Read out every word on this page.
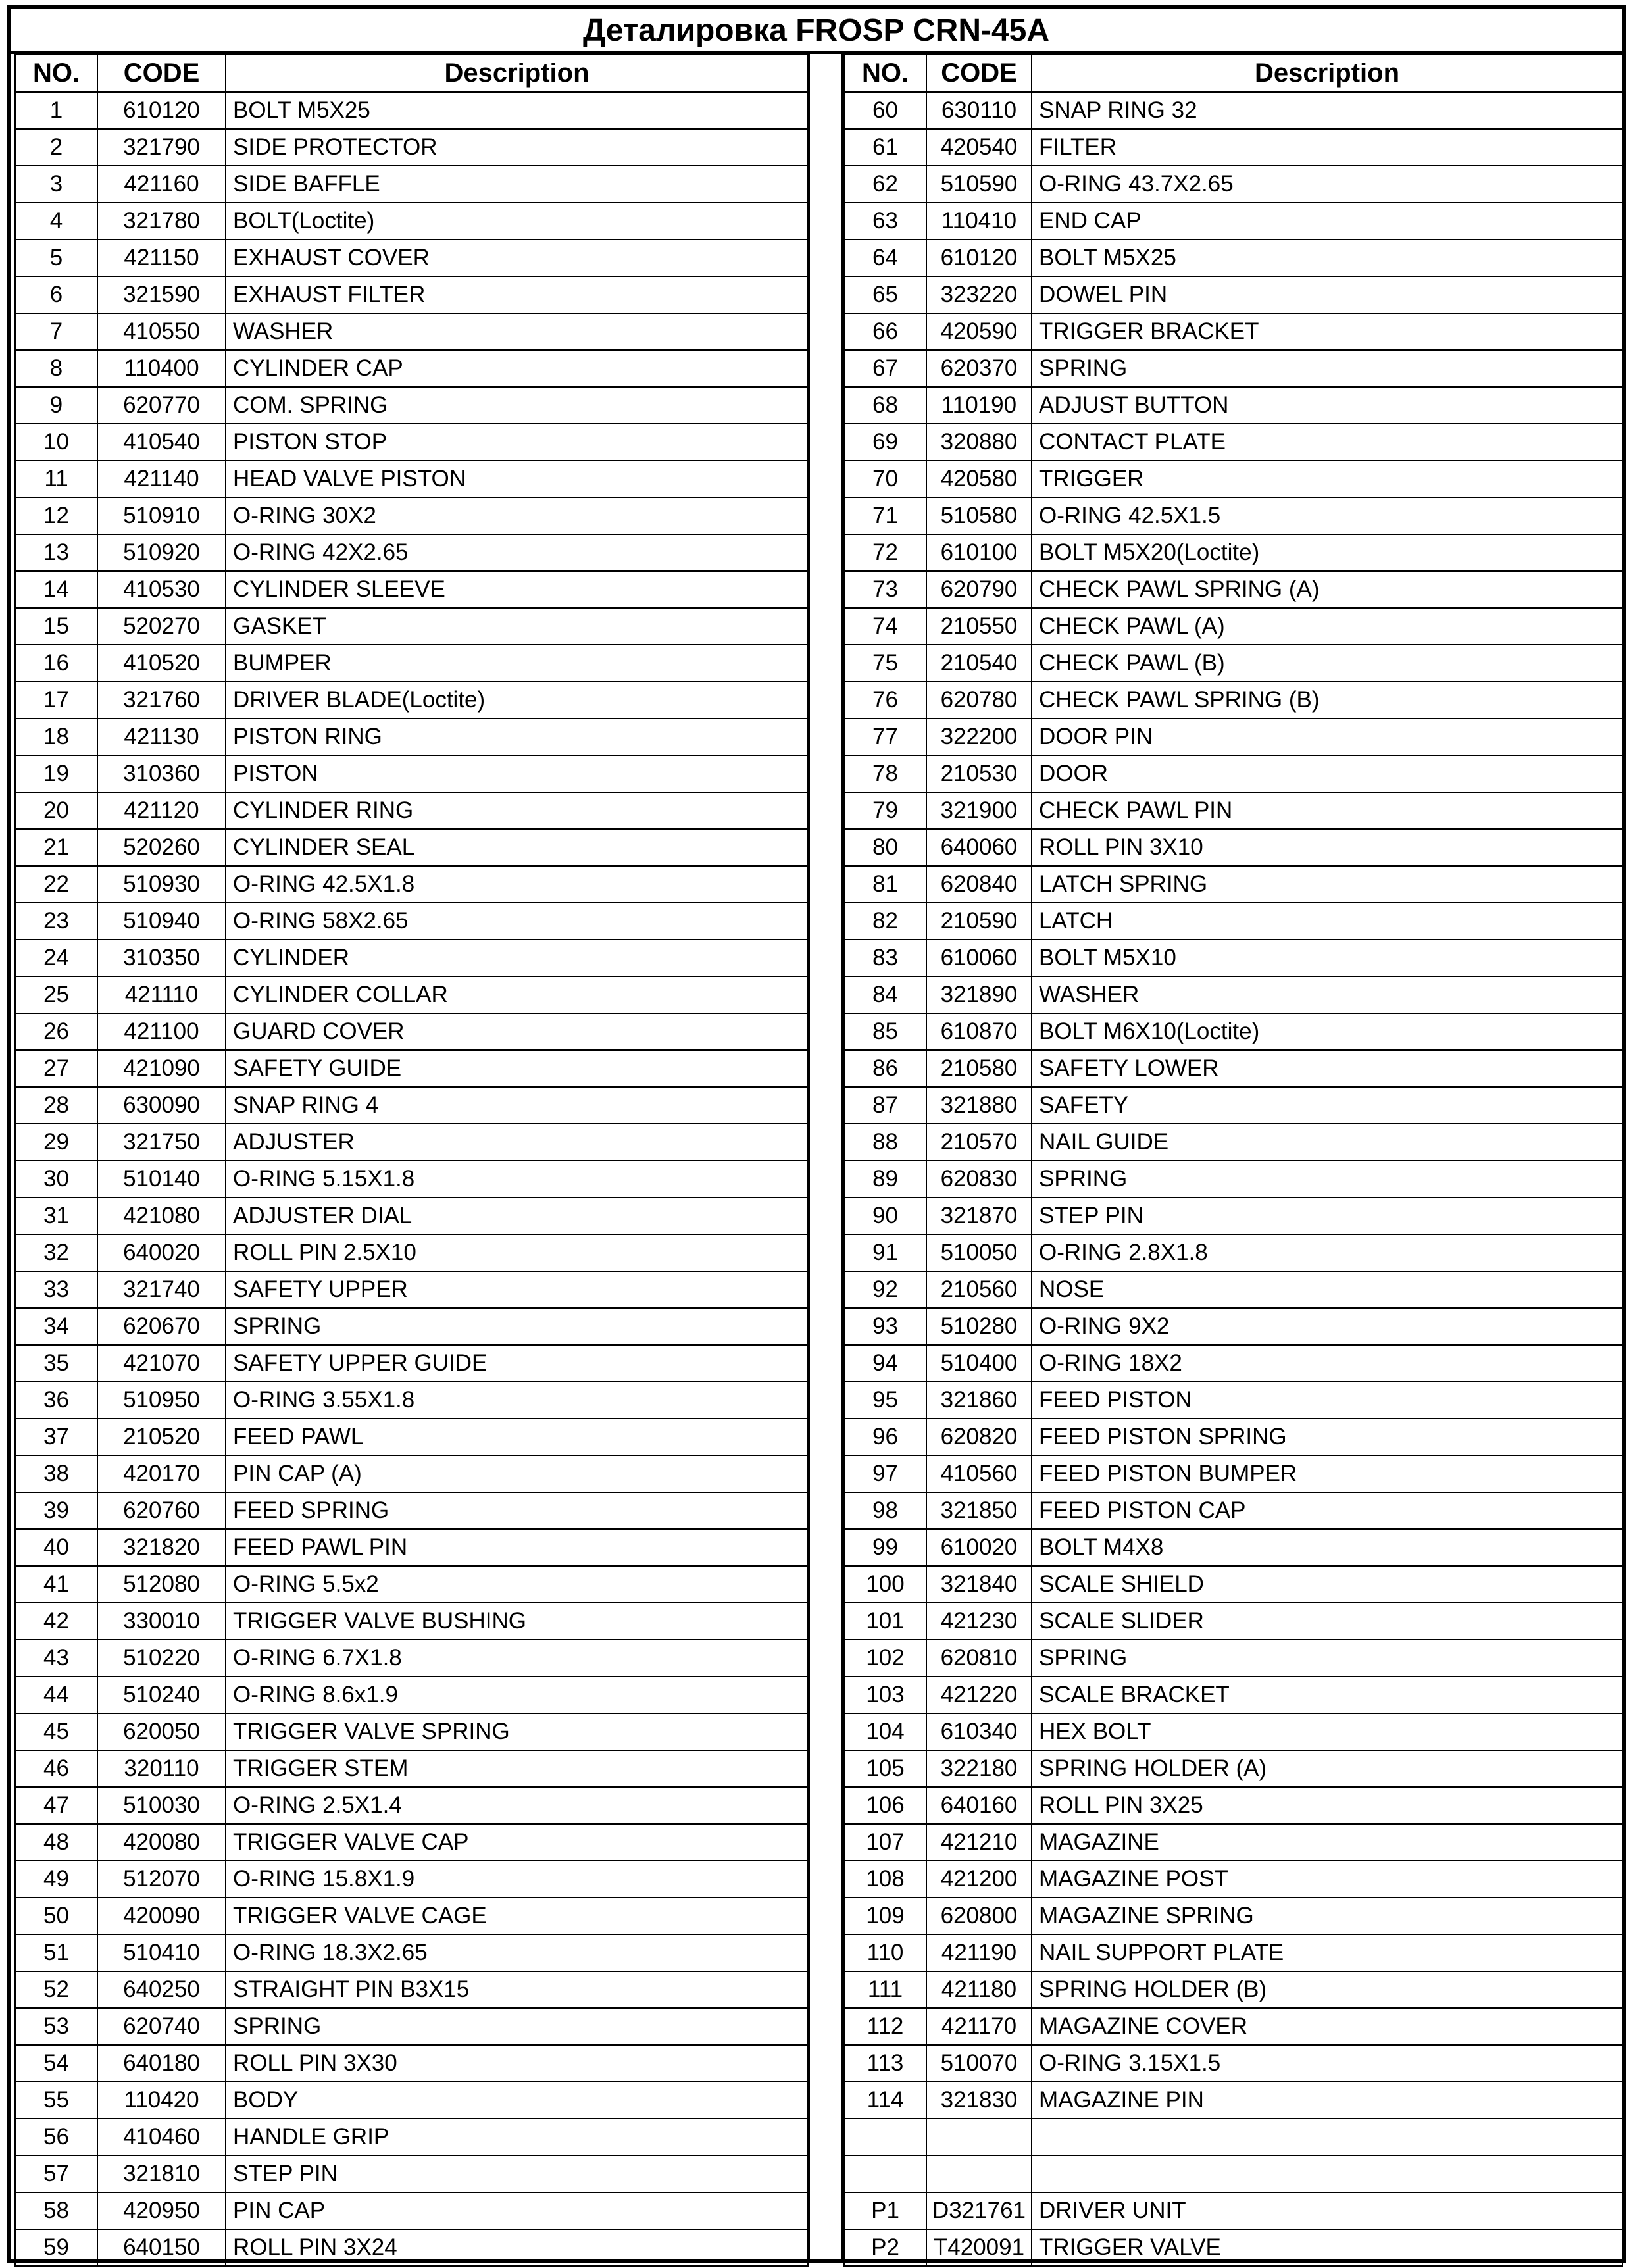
Деталировка FROSP CRN-45A
NO.	CODE	Description
1	610120	BOLT M5X25
2	321790	SIDE PROTECTOR
3	421160	SIDE BAFFLE
4	321780	BOLT(Loctite)
5	421150	EXHAUST COVER
6	321590	EXHAUST FILTER
7	410550	WASHER
8	110400	CYLINDER CAP
9	620770	COM. SPRING
10	410540	PISTON STOP
11	421140	HEAD VALVE PISTON
12	510910	O-RING 30X2
13	510920	O-RING 42X2.65
14	410530	CYLINDER SLEEVE
15	520270	GASKET
16	410520	BUMPER
17	321760	DRIVER BLADE(Loctite)
18	421130	PISTON RING
19	310360	PISTON
20	421120	CYLINDER RING
21	520260	CYLINDER SEAL
22	510930	O-RING 42.5X1.8
23	510940	O-RING 58X2.65
24	310350	CYLINDER
25	421110	CYLINDER COLLAR
26	421100	GUARD COVER
27	421090	SAFETY GUIDE
28	630090	SNAP RING 4
29	321750	ADJUSTER
30	510140	O-RING 5.15X1.8
31	421080	ADJUSTER DIAL
32	640020	ROLL PIN 2.5X10
33	321740	SAFETY UPPER
34	620670	SPRING
35	421070	SAFETY UPPER GUIDE
36	510950	O-RING 3.55X1.8
37	210520	FEED PAWL
38	420170	PIN CAP (A)
39	620760	FEED SPRING
40	321820	FEED PAWL PIN
41	512080	O-RING 5.5x2
42	330010	TRIGGER VALVE BUSHING
43	510220	O-RING 6.7X1.8
44	510240	O-RING 8.6x1.9
45	620050	TRIGGER VALVE SPRING
46	320110	TRIGGER STEM
47	510030	O-RING 2.5X1.4
48	420080	TRIGGER VALVE CAP
49	512070	O-RING 15.8X1.9
50	420090	TRIGGER VALVE CAGE
51	510410	O-RING 18.3X2.65
52	640250	STRAIGHT PIN B3X15
53	620740	SPRING
54	640180	ROLL PIN 3X30
55	110420	BODY
56	410460	HANDLE GRIP
57	321810	STEP PIN
58	420950	PIN CAP
59	640150	ROLL PIN 3X24
NO.	CODE	Description
60	630110	SNAP RING 32
61	420540	FILTER
62	510590	O-RING 43.7X2.65
63	110410	END CAP
64	610120	BOLT M5X25
65	323220	DOWEL PIN
66	420590	TRIGGER BRACKET
67	620370	SPRING
68	110190	ADJUST BUTTON
69	320880	CONTACT PLATE
70	420580	TRIGGER
71	510580	O-RING 42.5X1.5
72	610100	BOLT M5X20(Loctite)
73	620790	CHECK PAWL SPRING (A)
74	210550	CHECK PAWL (A)
75	210540	CHECK PAWL (B)
76	620780	CHECK PAWL SPRING (B)
77	322200	DOOR PIN
78	210530	DOOR
79	321900	CHECK PAWL PIN
80	640060	ROLL PIN 3X10
81	620840	LATCH SPRING
82	210590	LATCH
83	610060	BOLT M5X10
84	321890	WASHER
85	610870	BOLT M6X10(Loctite)
86	210580	SAFETY LOWER
87	321880	SAFETY
88	210570	NAIL GUIDE
89	620830	SPRING
90	321870	STEP PIN
91	510050	O-RING 2.8X1.8
92	210560	NOSE
93	510280	O-RING 9X2
94	510400	O-RING 18X2
95	321860	FEED PISTON
96	620820	FEED PISTON SPRING
97	410560	FEED PISTON BUMPER
98	321850	FEED PISTON CAP
99	610020	BOLT M4X8
100	321840	SCALE SHIELD
101	421230	SCALE SLIDER
102	620810	SPRING
103	421220	SCALE BRACKET
104	610340	HEX BOLT
105	322180	SPRING HOLDER (A)
106	640160	ROLL PIN 3X25
107	421210	MAGAZINE
108	421200	MAGAZINE POST
109	620800	MAGAZINE SPRING
110	421190	NAIL SUPPORT PLATE
111	421180	SPRING HOLDER (B)
112	421170	MAGAZINE COVER
113	510070	O-RING 3.15X1.5
114	321830	MAGAZINE PIN

P1	D321761	DRIVER UNIT
P2	T420091	TRIGGER VALVE
